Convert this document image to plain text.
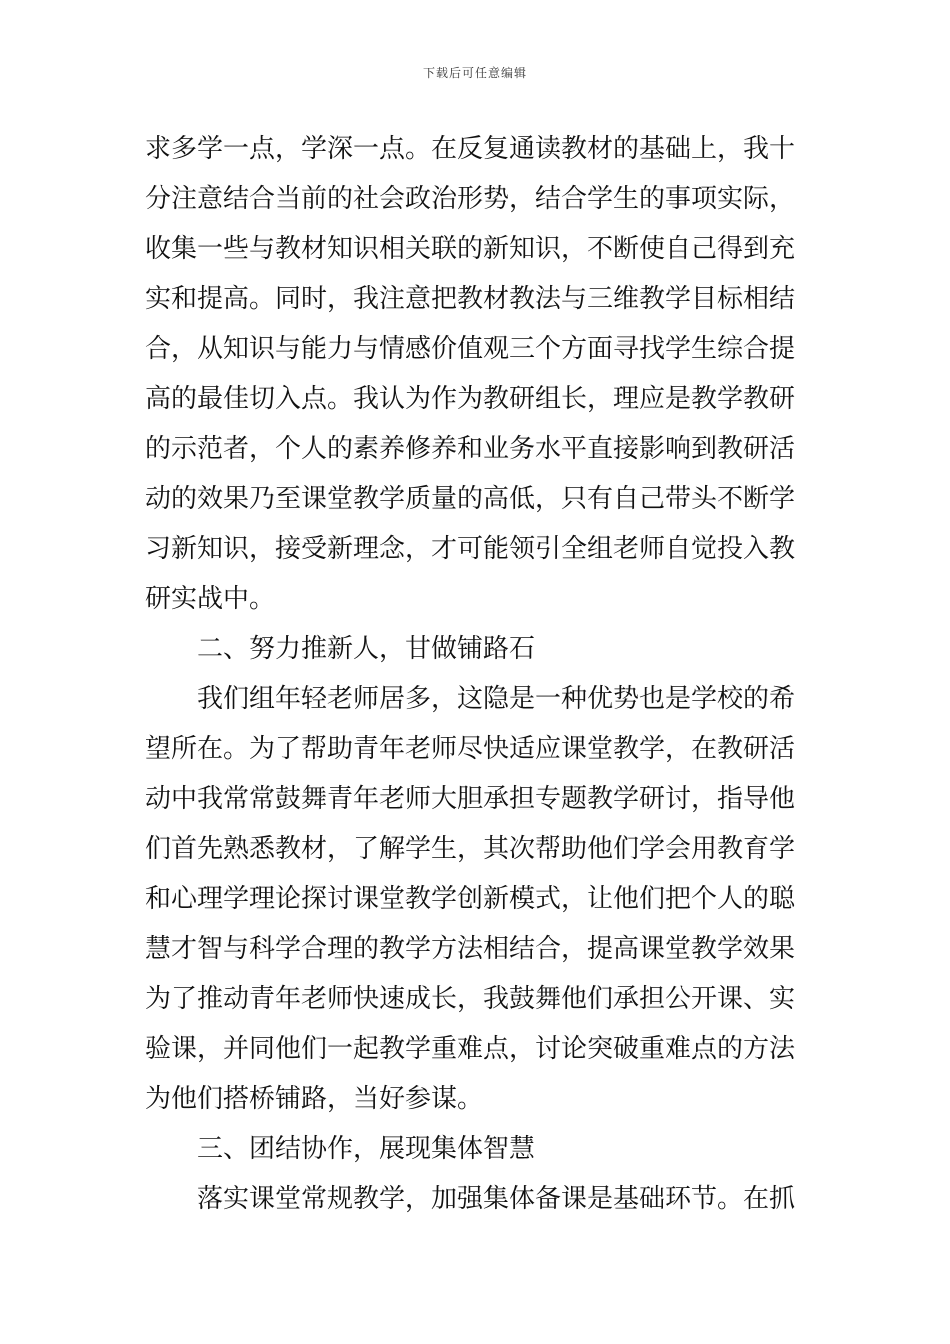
下载后可任意编辑
求多学一点，学深一点。在反复通读教材的基础上，我十
分注意结合当前的社会政治形势，结合学生的事项实际，
收集一些与教材知识相关联的新知识，不断使自己得到充
实和提高。同时，我注意把教材教法与三维教学目标相结
合，从知识与能力与情感价值观三个方面寻找学生综合提
高的最佳切入点。我认为作为教研组长，理应是教学教研
的示范者，个人的素养修养和业务水平直接影响到教研活
动的效果乃至课堂教学质量的高低，只有自己带头不断学
习新知识，接受新理念，才可能领引全组老师自觉投入教
研实战中。
　　二、努力推新人，甘做铺路石
　　我们组年轻老师居多，这隐是一种优势也是学校的希
望所在。为了帮助青年老师尽快适应课堂教学，在教研活
动中我常常鼓舞青年老师大胆承担专题教学研讨，指导他
们首先熟悉教材，了解学生，其次帮助他们学会用教育学
和心理学理论探讨课堂教学创新模式，让他们把个人的聪
慧才智与科学合理的教学方法相结合，提高课堂教学效果
为了推动青年老师快速成长，我鼓舞他们承担公开课、实
验课，并同他们一起教学重难点，讨论突破重难点的方法
为他们搭桥铺路，当好参谋。
　　三、团结协作，展现集体智慧
　　落实课堂常规教学，加强集体备课是基础环节。在抓
